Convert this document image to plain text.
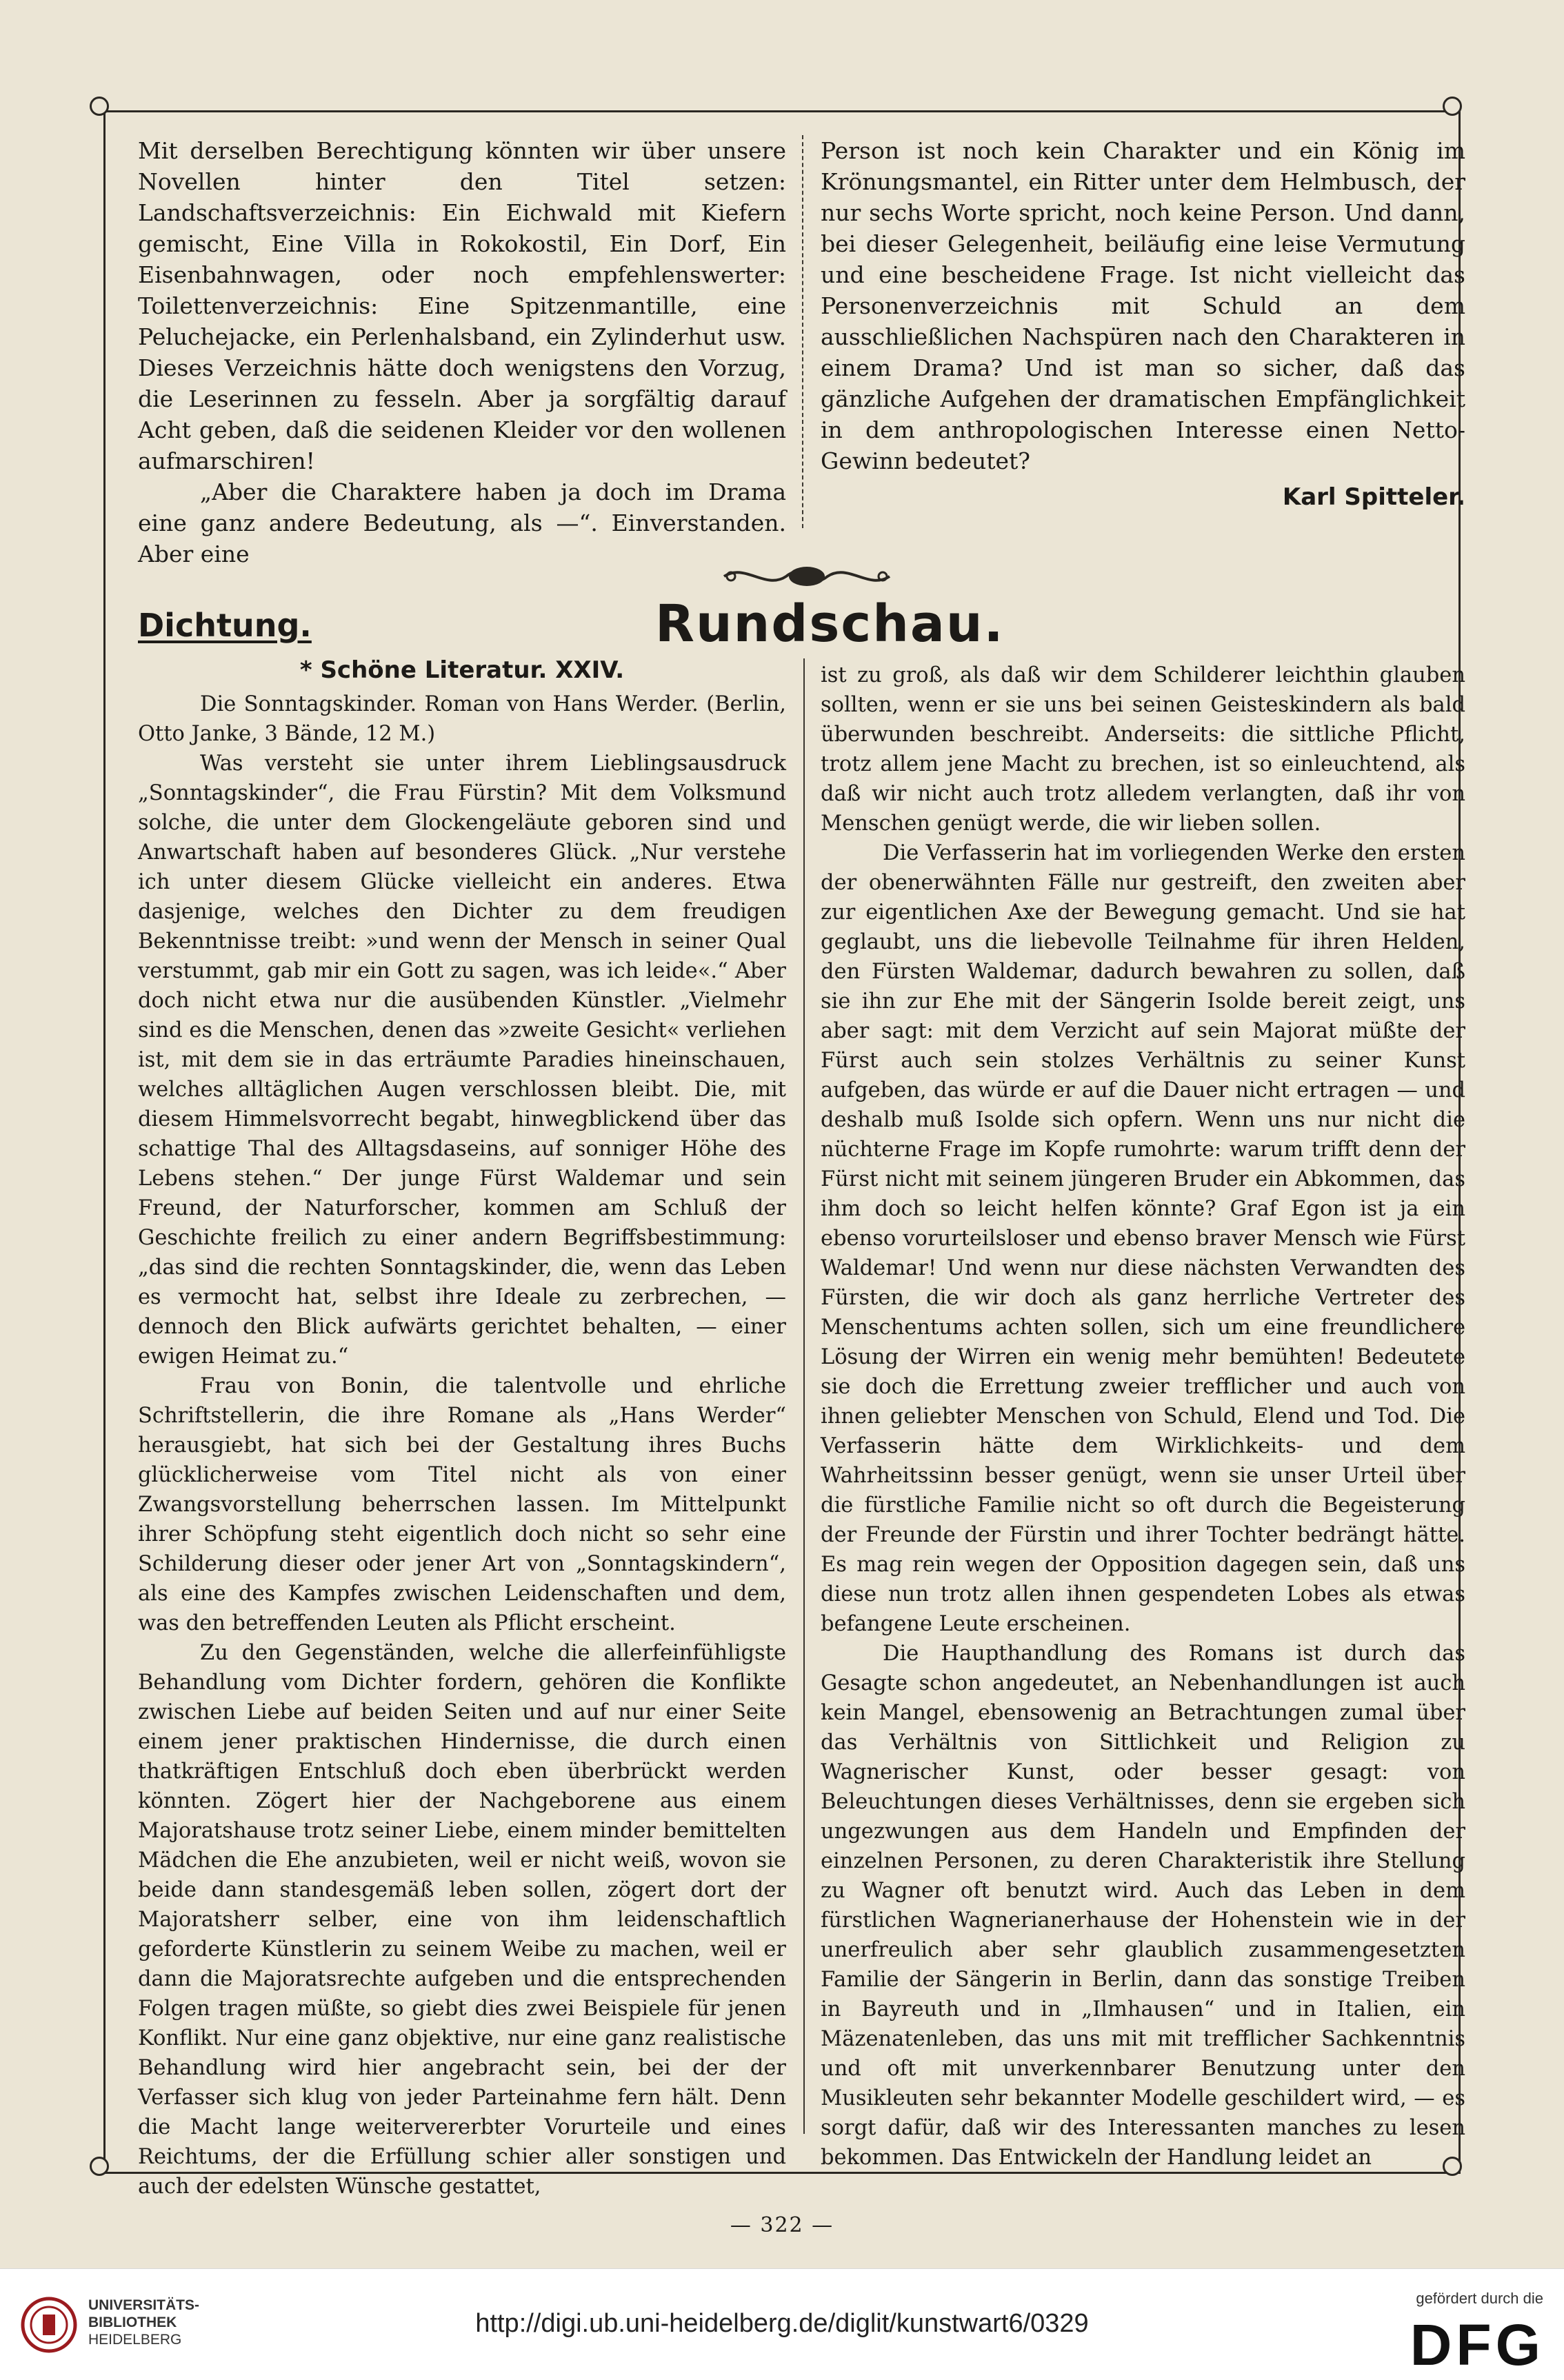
Mit derselben Berechtigung könnten wir über unsere Novellen hinter den Titel setzen: Landschaftsverzeichnis: Ein Eichwald mit Kiefern gemischt, Eine Villa in Rokokostil, Ein Dorf, Ein Eisenbahnwagen, oder noch empfehlenswerter: Toilettenverzeichnis: Eine Spitzenmantille, eine Peluchejacke, ein Perlenhalsband, ein Zylinderhut usw. Dieses Verzeichnis hätte doch wenigstens den Vorzug, die Leserinnen zu fesseln. Aber ja sorgfältig darauf Acht geben, daß die seidenen Kleider vor den wollenen aufmarschiren!

„Aber die Charaktere haben ja doch im Drama eine ganz andere Bedeutung, als —“. Einverstanden. Aber eine

Person ist noch kein Charakter und ein König im Krönungsmantel, ein Ritter unter dem Helmbusch, der nur sechs Worte spricht, noch keine Person. Und dann, bei dieser Gelegenheit, beiläufig eine leise Vermutung und eine bescheidene Frage. Ist nicht vielleicht das Personenverzeichnis mit Schuld an dem ausschließlichen Nachspüren nach den Charakteren in einem Drama? Und ist man so sicher, daß das gänzliche Aufgehen der dramatischen Empfänglichkeit in dem anthropologischen Interesse einen Netto-Gewinn bedeutet?

Karl Spitteler.
Dichtung.	Rundschau.
* Schöne Literatur. XXIV.

Die Sonntagskinder. Roman von Hans Werder. (Berlin, Otto Janke, 3 Bände, 12 M.)

Was versteht sie unter ihrem Lieblingsausdruck „Sonntagskinder“, die Frau Fürstin? Mit dem Volksmund solche, die unter dem Glockengeläute geboren sind und Anwartschaft haben auf besonderes Glück. „Nur verstehe ich unter diesem Glücke vielleicht ein anderes. Etwa dasjenige, welches den Dichter zu dem freudigen Bekenntnisse treibt: »und wenn der Mensch in seiner Qual verstummt, gab mir ein Gott zu sagen, was ich leide«.“ Aber doch nicht etwa nur die ausübenden Künstler. „Vielmehr sind es die Menschen, denen das »zweite Gesicht« verliehen ist, mit dem sie in das erträumte Paradies hineinschauen, welches alltäglichen Augen verschlossen bleibt. Die, mit diesem Himmelsvorrecht begabt, hinwegblickend über das schattige Thal des Alltagsdaseins, auf sonniger Höhe des Lebens stehen.“ Der junge Fürst Waldemar und sein Freund, der Naturforscher, kommen am Schluß der Geschichte freilich zu einer andern Begriffsbestimmung: „das sind die rechten Sonntagskinder, die, wenn das Leben es vermocht hat, selbst ihre Ideale zu zerbrechen, — dennoch den Blick aufwärts gerichtet behalten, — einer ewigen Heimat zu.“

Frau von Bonin, die talentvolle und ehrliche Schriftstellerin, die ihre Romane als „Hans Werder“ herausgiebt, hat sich bei der Gestaltung ihres Buchs glücklicherweise vom Titel nicht als von einer Zwangsvorstellung beherrschen lassen. Im Mittelpunkt ihrer Schöpfung steht eigentlich doch nicht so sehr eine Schilderung dieser oder jener Art von „Sonntagskindern“, als eine des Kampfes zwischen Leidenschaften und dem, was den betreffenden Leuten als Pflicht erscheint.

Zu den Gegenständen, welche die allerfeinfühligste Behandlung vom Dichter fordern, gehören die Konflikte zwischen Liebe auf beiden Seiten und auf nur einer Seite einem jener praktischen Hindernisse, die durch einen thatkräftigen Entschluß doch eben überbrückt werden könnten. Zögert hier der Nachgeborene aus einem Majoratshause trotz seiner Liebe, einem minder bemittelten Mädchen die Ehe anzubieten, weil er nicht weiß, wovon sie beide dann standesgemäß leben sollen, zögert dort der Majoratsherr selber, eine von ihm leidenschaftlich geforderte Künstlerin zu seinem Weibe zu machen, weil er dann die Majoratsrechte aufgeben und die entsprechenden Folgen tragen müßte, so giebt dies zwei Beispiele für jenen Konflikt. Nur eine ganz objektive, nur eine ganz realistische Behandlung wird hier angebracht sein, bei der der Verfasser sich klug von jeder Parteinahme fern hält. Denn die Macht lange weitervererbter Vorurteile und eines Reichtums, der die Erfüllung schier aller sonstigen und auch der edelsten Wünsche gestattet,

ist zu groß, als daß wir dem Schilderer leichthin glauben sollten, wenn er sie uns bei seinen Geisteskindern als bald überwunden beschreibt. Anderseits: die sittliche Pflicht, trotz allem jene Macht zu brechen, ist so einleuchtend, als daß wir nicht auch trotz alledem verlangten, daß ihr von Menschen genügt werde, die wir lieben sollen.

Die Verfasserin hat im vorliegenden Werke den ersten der obenerwähnten Fälle nur gestreift, den zweiten aber zur eigentlichen Axe der Bewegung gemacht. Und sie hat geglaubt, uns die liebevolle Teilnahme für ihren Helden, den Fürsten Waldemar, dadurch bewahren zu sollen, daß sie ihn zur Ehe mit der Sängerin Isolde bereit zeigt, uns aber sagt: mit dem Verzicht auf sein Majorat müßte der Fürst auch sein stolzes Verhältnis zu seiner Kunst aufgeben, das würde er auf die Dauer nicht ertragen — und deshalb muß Isolde sich opfern. Wenn uns nur nicht die nüchterne Frage im Kopfe rumohrte: warum trifft denn der Fürst nicht mit seinem jüngeren Bruder ein Abkommen, das ihm doch so leicht helfen könnte? Graf Egon ist ja ein ebenso vorurteilsloser und ebenso braver Mensch wie Fürst Waldemar! Und wenn nur diese nächsten Verwandten des Fürsten, die wir doch als ganz herrliche Vertreter des Menschentums achten sollen, sich um eine freundlichere Lösung der Wirren ein wenig mehr bemühten! Bedeutete sie doch die Errettung zweier trefflicher und auch von ihnen geliebter Menschen von Schuld, Elend und Tod. Die Verfasserin hätte dem Wirklichkeits- und dem Wahrheitssinn besser genügt, wenn sie unser Urteil über die fürstliche Familie nicht so oft durch die Begeisterung der Freunde der Fürstin und ihrer Tochter bedrängt hätte. Es mag rein wegen der Opposition dagegen sein, daß uns diese nun trotz allen ihnen gespendeten Lobes als etwas befangene Leute erscheinen.

Die Haupthandlung des Romans ist durch das Gesagte schon angedeutet, an Nebenhandlungen ist auch kein Mangel, ebensowenig an Betrachtungen zumal über das Verhältnis von Sittlichkeit und Religion zu Wagnerischer Kunst, oder besser gesagt: von Beleuchtungen dieses Verhältnisses, denn sie ergeben sich ungezwungen aus dem Handeln und Empfinden der einzelnen Personen, zu deren Charakteristik ihre Stellung zu Wagner oft benutzt wird. Auch das Leben in dem fürstlichen Wagnerianerhause der Hohenstein wie in der unerfreulich aber sehr glaublich zusammengesetzten Familie der Sängerin in Berlin, dann das sonstige Treiben in Bayreuth und in „Ilmhausen“ und in Italien, ein Mäzenatenleben, das uns mit mit trefflicher Sachkenntnis und oft mit unverkennbarer Benutzung unter den Musikleuten sehr bekannter Modelle geschildert wird, — es sorgt dafür, daß wir des Interessanten manches zu lesen bekommen. Das Entwickeln der Handlung leidet an

— 322 —
UNIVERSITÄTS-
BIBLIOTHEK
HEIDELBERG
http://digi.ub.uni-heidelberg.de/diglit/kunstwart6/0329
gefördert durch die
DFG
